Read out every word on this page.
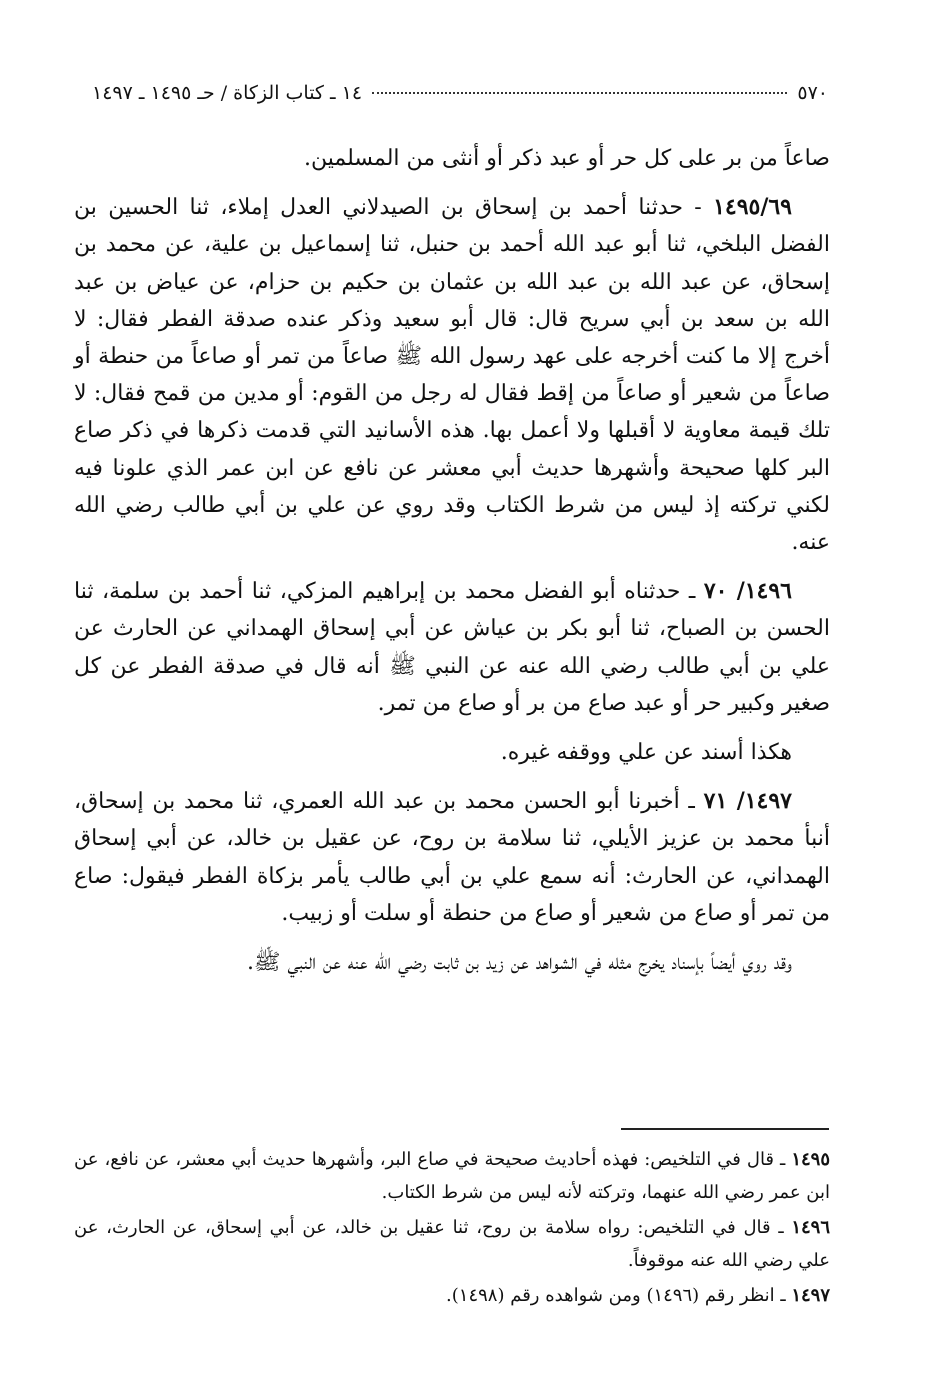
٥٧٠
١٤ ـ كتاب الزكاة / حـ ١٤٩٥ ـ ١٤٩٧

صاعاً من بر على كل حر أو عبد ذكر أو أنثى من المسلمين.

١٤٩٥/٦٩ - حدثنا أحمد بن إسحاق بن الصيدلاني العدل إملاء، ثنا الحسين بن الفضل البلخي، ثنا أبو عبد الله أحمد بن حنبل، ثنا إسماعيل بن علية، عن محمد بن إسحاق، عن عبد الله بن عبد الله بن عثمان بن حكيم بن حزام، عن عياض بن عبد الله بن سعد بن أبي سريح قال: قال أبو سعيد وذكر عنده صدقة الفطر فقال: لا أخرج إلا ما كنت أخرجه على عهد رسول الله ﷺ صاعاً من تمر أو صاعاً من حنطة أو صاعاً من شعير أو صاعاً من إقط فقال له رجل من القوم: أو مدين من قمح فقال: لا تلك قيمة معاوية لا أقبلها ولا أعمل بها. هذه الأسانيد التي قدمت ذكرها في ذكر صاع البر كلها صحيحة وأشهرها حديث أبي معشر عن نافع عن ابن عمر الذي علونا فيه لكني تركته إذ ليس من شرط الكتاب وقد روي عن علي بن أبي طالب رضي الله عنه.

١٤٩٦/ ٧٠ ـ حدثناه أبو الفضل محمد بن إبراهيم المزكي، ثنا أحمد بن سلمة، ثنا الحسن بن الصباح، ثنا أبو بكر بن عياش عن أبي إسحاق الهمداني عن الحارث عن علي بن أبي طالب رضي الله عنه عن النبي ﷺ أنه قال في صدقة الفطر عن كل صغير وكبير حر أو عبد صاع من بر أو صاع من تمر.

هكذا أسند عن علي ووقفه غيره.

١٤٩٧/ ٧١ ـ أخبرنا أبو الحسن محمد بن عبد الله العمري، ثنا محمد بن إسحاق، أنبأ محمد بن عزيز الأيلي، ثنا سلامة بن روح، عن عقيل بن خالد، عن أبي إسحاق الهمداني، عن الحارث: أنه سمع علي بن أبي طالب يأمر بزكاة الفطر فيقول: صاع من تمر أو صاع من شعير أو صاع من حنطة أو سلت أو زبيب.

وقد روي أيضاً بإسناد يخرج مثله في الشواهد عن زيد بن ثابت رضي الله عنه عن النبي ﷺ.

١٤٩٥ ـ قال في التلخيص: فهذه أحاديث صحيحة في صاع البر، وأشهرها حديث أبي معشر، عن نافع، عن ابن عمر رضي الله عنهما، وتركته لأنه ليس من شرط الكتاب.

١٤٩٦ ـ قال في التلخيص: رواه سلامة بن روح، ثنا عقيل بن خالد، عن أبي إسحاق، عن الحارث، عن علي رضي الله عنه موقوفاً.

١٤٩٧ ـ انظر رقم (١٤٩٦) ومن شواهده رقم (١٤٩٨).
